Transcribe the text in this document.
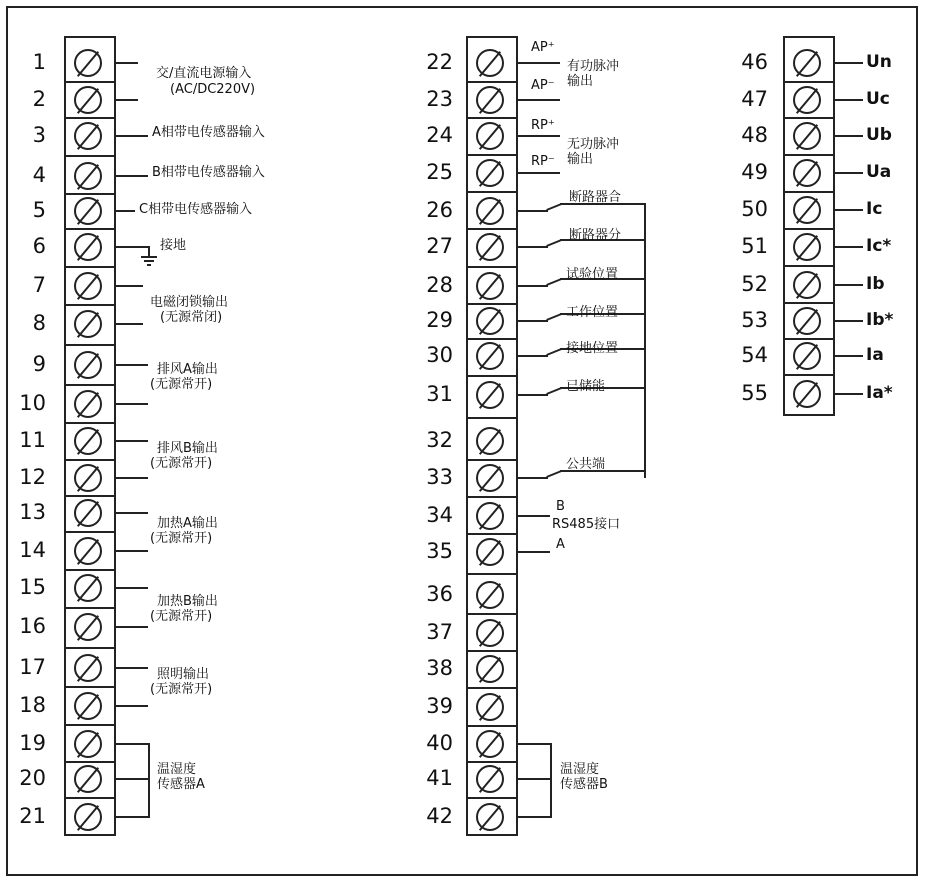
1
2
3
4
5
6
7
8
9
10
11
12
13
14
15
16
17
18
19
20
21
22
23
24
25
26
27
28
29
30
31
32
33
34
35
36
37
38
39
40
41
42
46
47
48
49
50
51
52
53
54
55
Un
Uc
Ub
Ua
Ic
Ic*
Ib
Ib*
Ia
Ia*
交/直流电源输入
(AC/DC220V)
A相带电传感器输入
B相带电传感器输入
C相带电传感器输入
接地
电磁闭锁输出
(无源常闭)
排风A输出
(无源常开)
排风B输出
(无源常开)
加热A输出
(无源常开)
加热B输出
(无源常开)
照明输出
(无源常开)
温湿度
传感器A
AP⁺
AP⁻
有功脉冲
输出
RP⁺
RP⁻
无功脉冲
输出
断路器合
断路器分
试验位置
工作位置
接地位置
已储能
公共端
B
RS485接口
A
温湿度
传感器B
